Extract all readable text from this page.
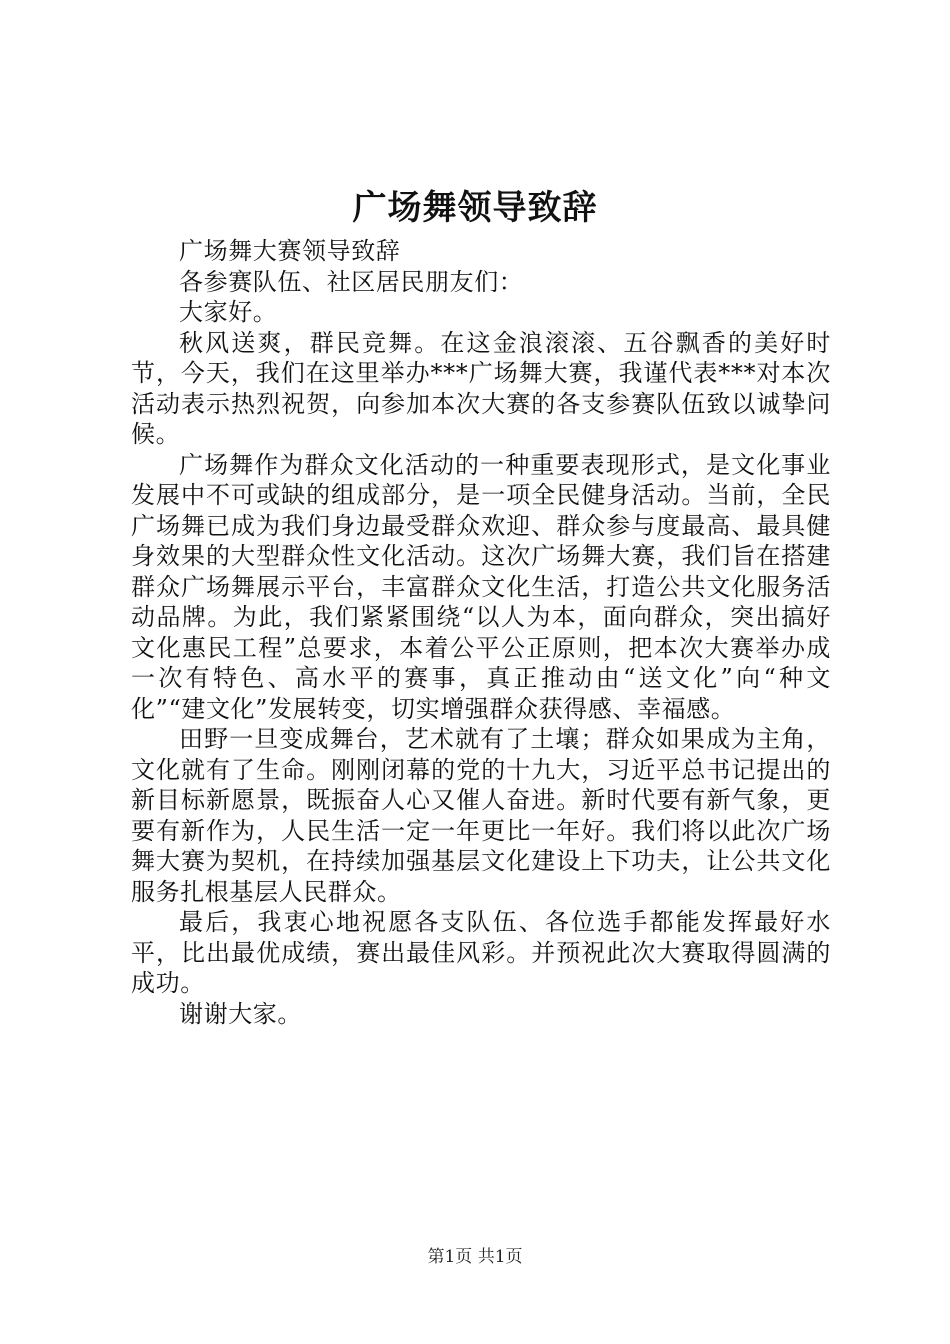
广场舞领导致辞

广场舞大赛领导致辞

各参赛队伍、社区居民朋友们：

大家好。

秋风送爽，群民竞舞。在这金浪滚滚、五谷飘香的美好时节，今天，我们在这里举办***广场舞大赛，我谨代表***对本次活动表示热烈祝贺，向参加本次大赛的各支参赛队伍致以诚挚问候。

广场舞作为群众文化活动的一种重要表现形式，是文化事业发展中不可或缺的组成部分，是一项全民健身活动。当前，全民广场舞已成为我们身边最受群众欢迎、群众参与度最高、最具健身效果的大型群众性文化活动。这次广场舞大赛，我们旨在搭建群众广场舞展示平台，丰富群众文化生活，打造公共文化服务活动品牌。为此，我们紧紧围绕“以人为本，面向群众，突出搞好文化惠民工程”总要求，本着公平公正原则，把本次大赛举办成一次有特色、高水平的赛事，真正推动由“送文化”向“种文化”“建文化”发展转变，切实增强群众获得感、幸福感。

田野一旦变成舞台，艺术就有了土壤；群众如果成为主角，文化就有了生命。刚刚闭幕的党的十九大，习近平总书记提出的新目标新愿景，既振奋人心又催人奋进。新时代要有新气象，更要有新作为，人民生活一定一年更比一年好。我们将以此次广场舞大赛为契机，在持续加强基层文化建设上下功夫，让公共文化服务扎根基层人民群众。

最后，我衷心地祝愿各支队伍、各位选手都能发挥最好水平，比出最优成绩，赛出最佳风彩。并预祝此次大赛取得圆满的成功。

谢谢大家。

第1页 共1页
